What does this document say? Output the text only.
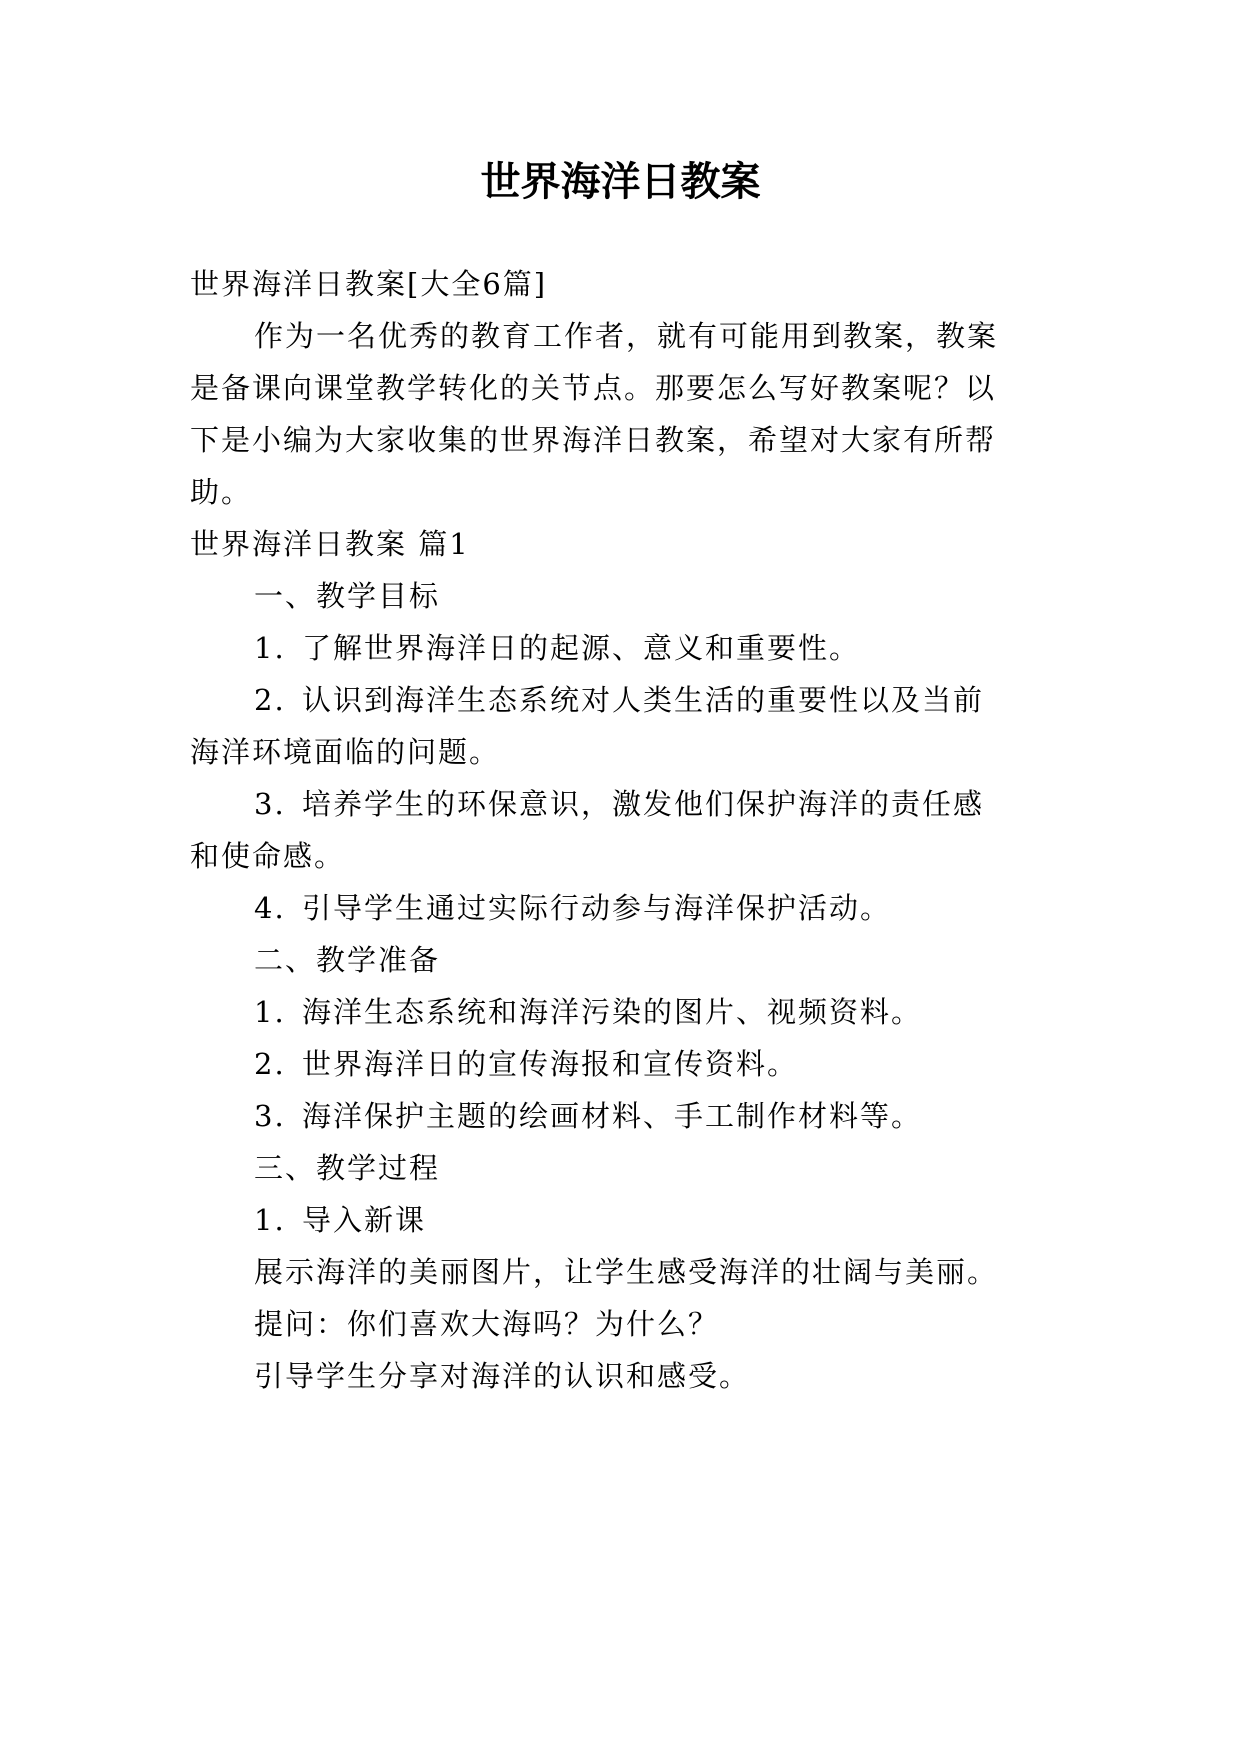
世界海洋日教案

世界海洋日教案[大全6篇]

作为一名优秀的教育工作者，就有可能用到教案，教案

是备课向课堂教学转化的关节点。那要怎么写好教案呢？以

下是小编为大家收集的世界海洋日教案，希望对大家有所帮

助。

世界海洋日教案 篇1

一、教学目标

1. 了解世界海洋日的起源、意义和重要性。

2. 认识到海洋生态系统对人类生活的重要性以及当前

海洋环境面临的问题。

3. 培养学生的环保意识，激发他们保护海洋的责任感

和使命感。

4. 引导学生通过实际行动参与海洋保护活动。

二、教学准备

1. 海洋生态系统和海洋污染的图片、视频资料。

2. 世界海洋日的宣传海报和宣传资料。

3. 海洋保护主题的绘画材料、手工制作材料等。

三、教学过程

1. 导入新课

展示海洋的美丽图片，让学生感受海洋的壮阔与美丽。

提问：你们喜欢大海吗？为什么？

引导学生分享对海洋的认识和感受。
